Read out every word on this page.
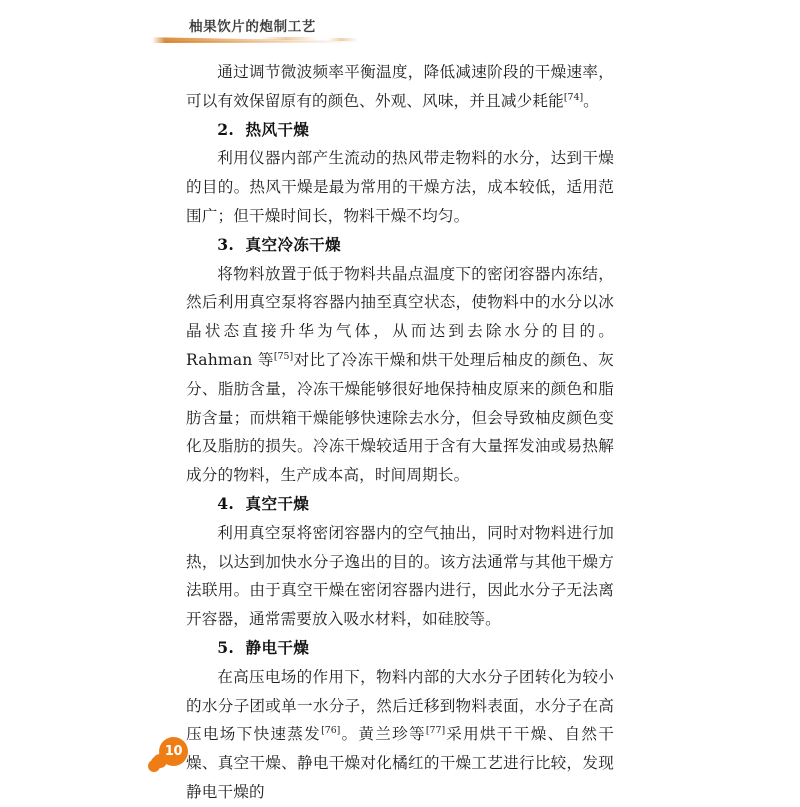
柚果饮片的炮制工艺

通过调节微波频率平衡温度，降低减速阶段的干燥速率，可以有效保留原有的颜色、外观、风味，并且减少耗能[74]。

2. 热风干燥

利用仪器内部产生流动的热风带走物料的水分，达到干燥的目的。热风干燥是最为常用的干燥方法，成本较低，适用范围广；但干燥时间长，物料干燥不均匀。

3. 真空冷冻干燥

将物料放置于低于物料共晶点温度下的密闭容器内冻结，然后利用真空泵将容器内抽至真空状态，使物料中的水分以冰晶状态直接升华为气体，从而达到去除水分的目的。Rahman 等[75]对比了冷冻干燥和烘干处理后柚皮的颜色、灰分、脂肪含量，冷冻干燥能够很好地保持柚皮原来的颜色和脂肪含量；而烘箱干燥能够快速除去水分，但会导致柚皮颜色变化及脂肪的损失。冷冻干燥较适用于含有大量挥发油或易热解成分的物料，生产成本高，时间周期长。

4. 真空干燥

利用真空泵将密闭容器内的空气抽出，同时对物料进行加热，以达到加快水分子逸出的目的。该方法通常与其他干燥方法联用。由于真空干燥在密闭容器内进行，因此水分子无法离开容器，通常需要放入吸水材料，如硅胶等。

5. 静电干燥

在高压电场的作用下，物料内部的大水分子团转化为较小的水分子团或单一水分子，然后迁移到物料表面，水分子在高压电场下快速蒸发[76]。黄兰珍等[77]采用烘干干燥、自然干燥、真空干燥、静电干燥对化橘红的干燥工艺进行比较，发现静电干燥的

10
